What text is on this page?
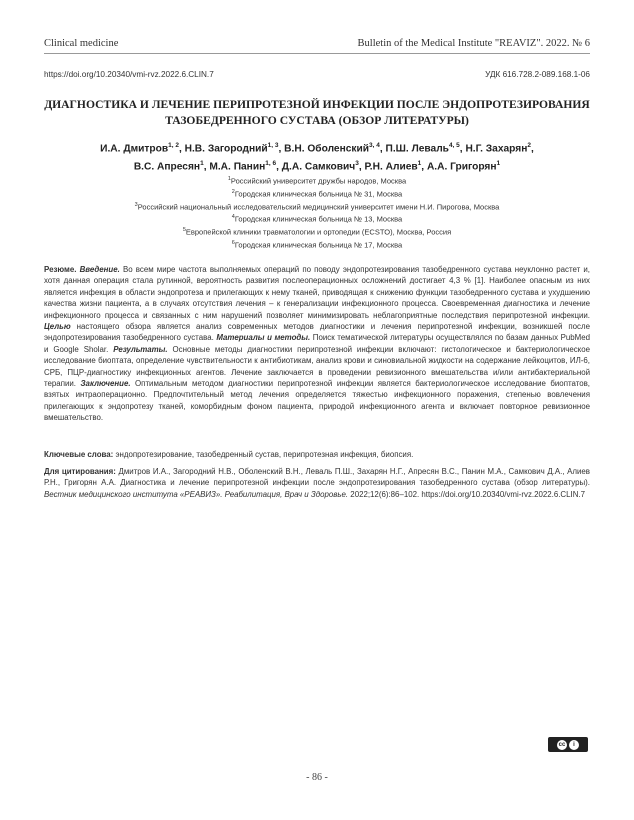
Clinical medicine	Bulletin of the Medical Institute "REAVIZ". 2022. № 6
https://doi.org/10.20340/vmi-rvz.2022.6.CLIN.7	УДК 616.728.2-089.168.1-06
ДИАГНОСТИКА И ЛЕЧЕНИЕ ПЕРИПРОТЕЗНОЙ ИНФЕКЦИИ ПОСЛЕ ЭНДОПРОТЕЗИРОВАНИЯ
ТАЗОБЕДРЕННОГО СУСТАВА (ОБЗОР ЛИТЕРАТУРЫ)
И.А. Дмитров$^{1, 2}$, Н.В. Загородний$^{1, 3}$, В.Н. Оболенский$^{3, 4}$, П.Ш. Леваль$^{4, 5}$, Н.Г. Захарян$^2$,
В.С. Апресян$^1$, М.А. Панин$^{1, 6}$, Д.А. Самкович$^3$, Р.Н. Алиев$^1$, А.А. Григорян$^1$
$^1$Российский университет дружбы народов, Москва
$^2$Городская клиническая больница № 31, Москва
$^3$Российский национальный исследовательский медицинский университет имени Н.И. Пирогова, Москва
$^4$Городская клиническая больница № 13, Москва
$^5$Европейской клиники травматологии и ортопедии (ECSTO), Москва, Россия
$^6$Городская клиническая больница № 17, Москва
Резюме. Введение. Во всем мире частота выполняемых операций по поводу эндопротезирования тазобедренного сустава неуклонно растет и, хотя данная операция стала рутинной, вероятность развития послеоперационных осложнений достигает 4,3 % [1]. Наиболее опасным из них является инфекция в области эндопротеза и прилегающих к нему тканей, приводящая к снижению функции тазобедренного сустава и ухудшению качества жизни пациента, а в случаях отсутствия лечения – к генерализации инфекционного процесса. Своевременная диагностика и лечение инфекционного процесса и связанных с ним нарушений позволяет минимизировать неблагоприятные последствия перипротезной инфекции. Целью настоящего обзора является анализ современных методов диагностики и лечения перипротезной инфекции, возникшей после эндопротезирования тазобедренного сустава. Материалы и методы. Поиск тематической литературы осуществлялся по базам данных PubMed и Google Sholar. Результаты. Основные методы диагностики перипротезной инфекции включают: гистологическое и бактериологическое исследование биоптата, определение чувствительности к антибиотикам, анализ крови и синовиальной жидкости на содержание лейкоцитов, ИЛ-6, СРБ, ПЦР-диагностику инфекционных агентов. Лечение заключается в проведении ревизионного вмешательства и/или антибактериальной терапии. Заключение. Оптимальным методом диагностики перипротезной инфекции является бактериологическое исследование биоптатов, взятых интраоперационно. Предпочтительный метод лечения определяется тяжестью инфекционного поражения, степенью вовлечения прилегающих к эндопротезу тканей, коморбидным фоном пациента, природой инфекционного агента и включает повторное ревизионное вмешательство.
Ключевые слова: эндопротезирование, тазобедренный сустав, перипротезная инфекция, биопсия.
Для цитирования: Дмитров И.А., Загородний Н.В., Оболенский В.Н., Леваль П.Ш., Захарян Н.Г., Апресян В.С., Панин М.А., Самкович Д.А., Алиев Р.Н., Григорян А.А. Диагностика и лечение перипротезной инфекции после эндопротезирования тазобедренного сустава (обзор литературы). Вестник медицинского института «РЕАВИЗ». Реабилитация, Врач и Здоровье. 2022;12(6):86–102. https://doi.org/10.20340/vmi-rvz.2022.6.CLIN.7
cc	i
- 86 -
